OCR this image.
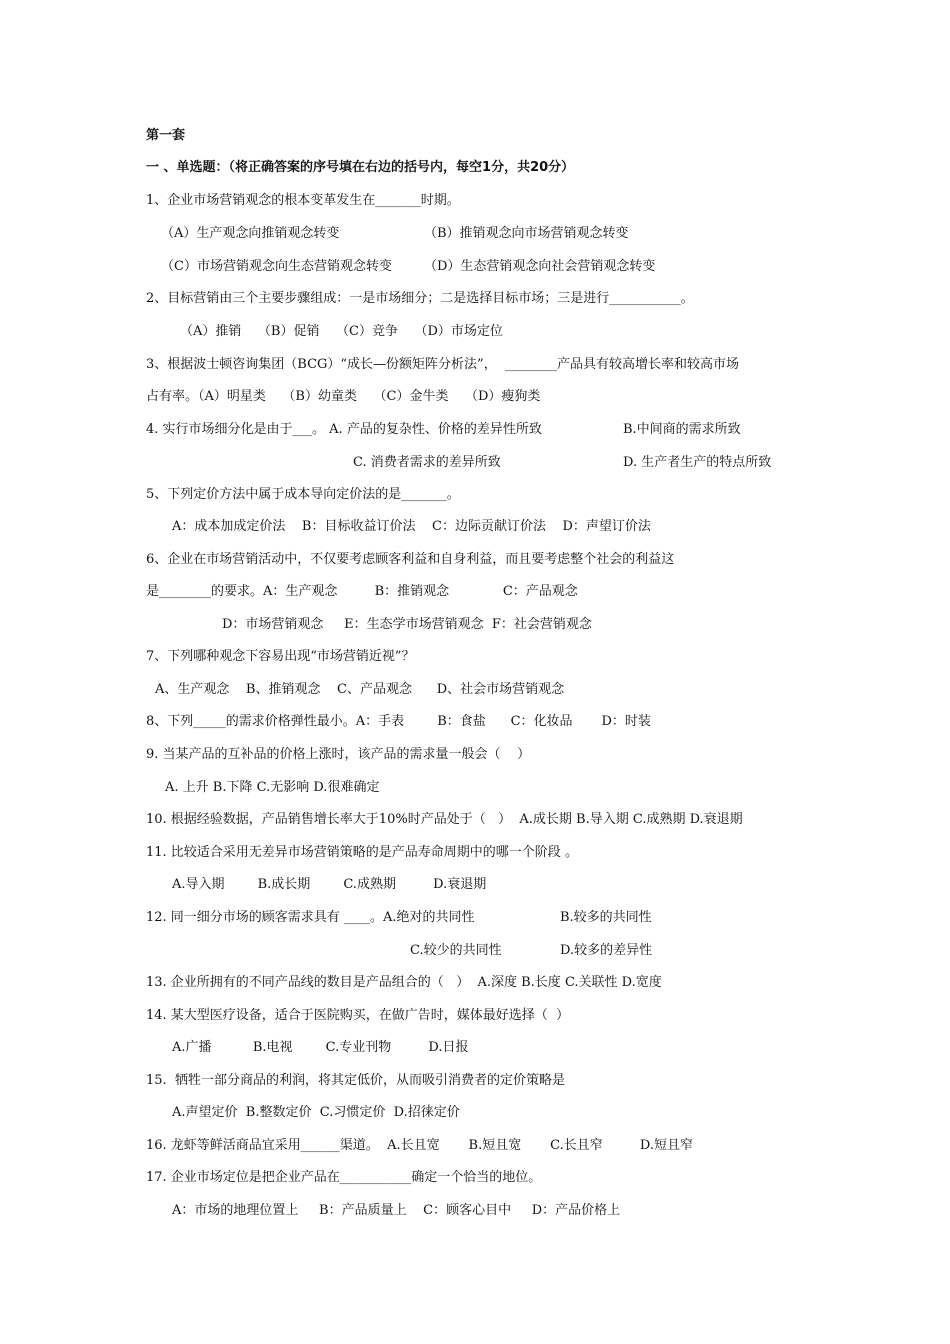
第一套
一 、单选题：（将正确答案的序号填在右边的括号内，每空1分，共20分）
1、企业市场营销观念的根本变革发生在_______时期。
（A）生产观念向推销观念转变	（B）推销观念向市场营销观念转变
（C）市场营销观念向生态营销观念转变 （D）生态营销观念向社会营销观念转变
2、目标营销由三个主要步骤组成：一是市场细分；二是选择目标市场；三是进行___________。
（A）推销    （B）促销    （C）竞争    （D）市场定位
3、根据波士顿咨询集团（BCG）“成长—份额矩阵分析法”，  ________产品具有较高增长率和较高市场
占有率。（A）明星类    （B）幼童类    （C）金牛类    （D）瘦狗类
4. 实行市场细分化是由于___。 A. 产品的复杂性、价格的差异性所致	B.中间商的需求所致
C. 消费者需求的差异所致	D. 生产者生产的特点所致
5、下列定价方法中属于成本导向定价法的是_______。
A：成本加成定价法    B：目标收益订价法    C：边际贡献订价法    D：声望订价法
6、企业在市场营销活动中，不仅要考虑顾客利益和自身利益，而且要考虑整个社会的利益这
是________的要求。A：生产观念         B：推销观念             C：产品观念
D：市场营销观念     E：生态学市场营销观念  F：社会营销观念
7、下列哪种观念下容易出现“市场营销近视”？
A、生产观念    B、推销观念    C、产品观念      D、社会市场营销观念
8、下列_____的需求价格弹性最小。A：手表        B：食盐      C：化妆品       D：时装
9. 当某产品的互补品的价格上涨时，该产品的需求量一般会（    ）
A. 上升 B.下降 C.无影响 D.很难确定
10. 根据经验数据，产品销售增长率大于10%时产品处于（   ）  A.成长期 B.导入期 C.成熟期 D.衰退期
11. 比较适合采用无差异市场营销策略的是产品寿命周期中的哪一个阶段 。
A.导入期        B.成长期        C.成熟期         D.衰退期
12. 同一细分市场的顾客需求具有 ____。A.绝对的共同性	B.较多的共同性
C.较少的共同性	D.较多的差异性
13. 企业所拥有的不同产品线的数目是产品组合的（   ）  A.深度 B.长度 C.关联性 D.宽度
14. 某大型医疗设备，适合于医院购买，在做广告时，媒体最好选择（  ）
A.广播          B.电视        C.专业刊物         D.日报
15.  牺牲一部分商品的利润，将其定低价，从而吸引消费者的定价策略是
A.声望定价  B.整数定价  C.习惯定价  D.招徕定价
16. 龙虾等鲜活商品宜采用______渠道。  A.长且宽       B.短且宽       C.长且窄         D.短且窄
17. 企业市场定位是把企业产品在___________确定一个恰当的地位。
A：市场的地理位置上     B：产品质量上    C：顾客心目中     D：产品价格上
